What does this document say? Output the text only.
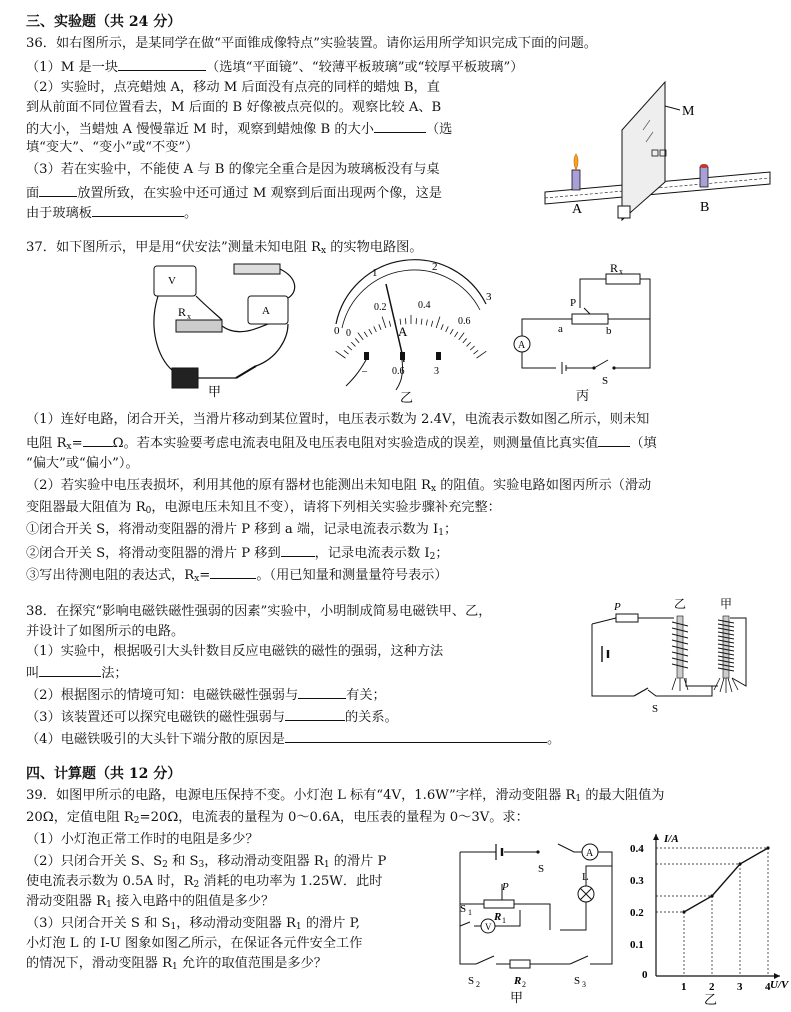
三、实验题（共 24 分）
36．如右图所示，是某同学在做“平面锥成像特点”实验装置。请你运用所学知识完成下面的问题。
（1）M 是一块	（选填“平面镜”、“较薄平板玻璃”或“较厚平板玻璃”）
（2）实验时，点亮蜡烛 A，移动 M 后面没有点亮的同样的蜡烛 B，直
到从前面不同位置看去，M 后面的 B 好像被点亮似的。观察比较 A、B
的大小，当蜡烛 A 慢慢靠近 M 时，观察到蜡烛像 B 的大小	（选
填“变大”、“变小”或“不变”）
（3）若在实验中，不能使 A 与 B 的像完全重合是因为玻璃板没有与桌
面	放置所致，在实验中还可通过 M 观察到后面出现两个像，这是
由于玻璃板	。
M
A	B
37．如下图所示，甲是用“伏安法”测量未知电阻 $R_x$ 的实物电路图。
V
A
R x
甲
0
1	2
3
0
0.2	0.4
0.6
A
–	0.6	3
乙
R x
P
a	b
A
S
丙
（1）连好电路，闭合开关，当滑片移动到某位置时，电压表示数为 2.4V，电流表示数如图乙所示，则未知
电阻 $R_x= \Omega$。若本实验要考虑电流表电阻及电压表电阻对实验造成的误差，则测量值比真实值 （填
“偏大”或“偏小”）。
（2）若实验中电压表损坏，利用其他的原有器材也能测出未知电阻 $R_x$ 的阻值。实验电路如图丙所示（滑动
变阻器最大阻值为 $R_0$，电源电压未知且不变），请将下列相关实验步骤补充完整：
①闭合开关 S，将滑动变阻器的滑片 P 移到 a 端，记录电流表示数为 $I_1$；
②闭合开关 S，将滑动变阻器的滑片 P 移到	，记录电流表示数 $I_2$；
③写出待测电阻的表达式，$R_x=$	。（用已知量和测量量符号表示）
38．在探究“影响电磁铁磁性强弱的因素”实验中，小明制成简易电磁铁甲、乙，
并设计了如图所示的电路。
（1）实验中，根据吸引大头针数目反应电磁铁的磁性的强弱，这种方法
叫	法；
（2）根据图示的情境可知：电磁铁磁性强弱与	有关；
（3）该装置还可以探究电磁铁的磁性强弱与	的关系。
（4）电磁铁吸引的大头针下端分散的原因是	。
P	乙	甲
S
四、计算题（共 12 分）
39．如图甲所示的电路，电源电压保持不变。小灯泡 L 标有“4V，1.6W”字样，滑动变阻器 $R_1$ 的最大阻值为
20Ω，定值电阻 $R_2=20\Omega$，电流表的量程为 0～0.6A，电压表的量程为 0～3V。求：
（1）小灯泡正常工作时的电阻是多少？
（2）只闭合开关 S、$S_2$ 和 $S_3$，移动滑动变阻器 $R_1$ 的滑片 P
使电流表示数为 0.5A 时，$R_2$ 消耗的电功率为 1.25W．此时
滑动变阻器 $R_1$ 接入电路中的阻值是多少？
（3）只闭合开关 S 和 $S_1$，移动滑动变阻器 $R_1$ 的滑片 P,
小灯泡 L 的 I-U 图象如图乙所示，在保证各元件安全工作
的情况下，滑动变阻器 $R_1$ 允许的取值范围是多少？
S
A
L
P
R 1
V
S 1
R 2
S 2	S 3
甲
I/A
U/V
0
1 2 3 4
0.1
0.2
0.3
0.4
乙
